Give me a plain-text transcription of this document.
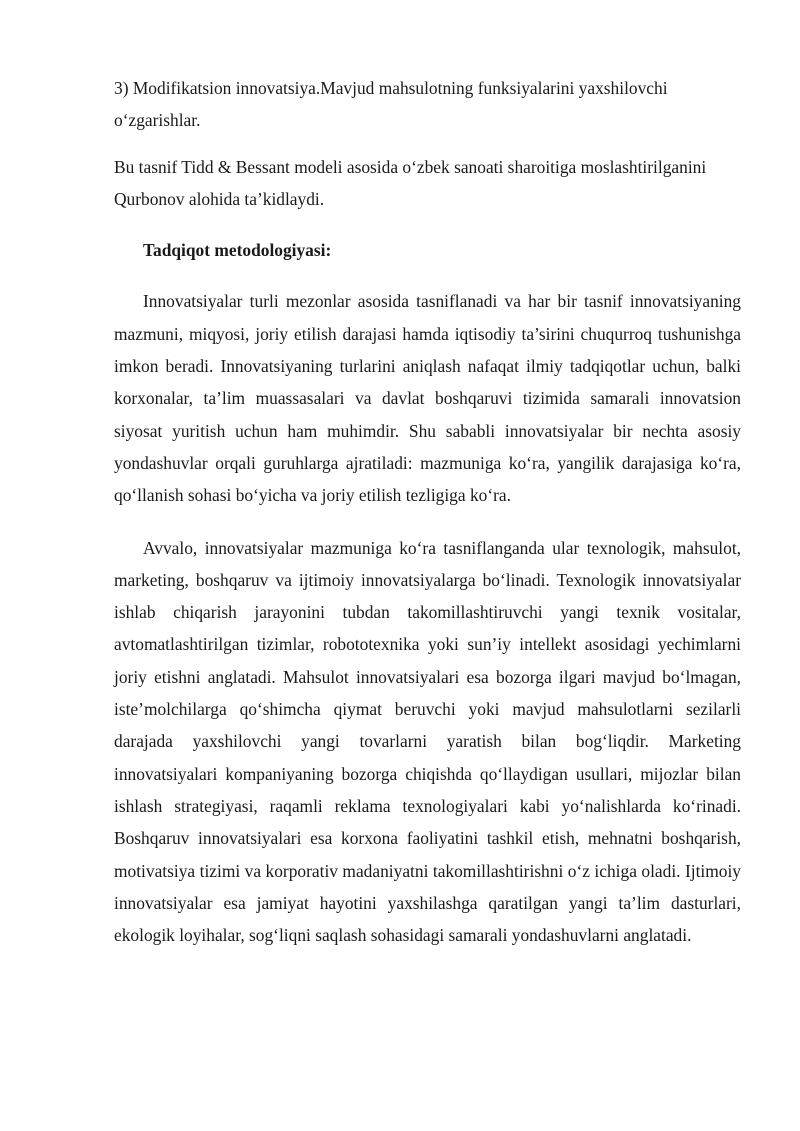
3) Modifikatsion innovatsiya.Mavjud mahsulotning funksiyalarini yaxshilovchi o‘zgarishlar.

Bu tasnif Tidd & Bessant modeli asosida o‘zbek sanoati sharoitiga moslashtirilganini Qurbonov alohida ta’kidlaydi.

Tadqiqot metodologiyasi:

Innovatsiyalar turli mezonlar asosida tasniflanadi va har bir tasnif innovatsiyaning mazmuni, miqyosi, joriy etilish darajasi hamda iqtisodiy ta’sirini chuqurroq tushunishga imkon beradi. Innovatsiyaning turlarini aniqlash nafaqat ilmiy tadqiqotlar uchun, balki korxonalar, ta’lim muassasalari va davlat boshqaruvi tizimida samarali innovatsion siyosat yuritish uchun ham muhimdir. Shu sababli innovatsiyalar bir nechta asosiy yondashuvlar orqali guruhlarga ajratiladi: mazmuniga ko‘ra, yangilik darajasiga ko‘ra, qo‘llanish sohasi bo‘yicha va joriy etilish tezligiga ko‘ra.

Avvalo, innovatsiyalar mazmuniga ko‘ra tasniflanganda ular texnologik, mahsulot, marketing, boshqaruv va ijtimoiy innovatsiyalarga bo‘linadi. Texnologik innovatsiyalar ishlab chiqarish jarayonini tubdan takomillashtiruvchi yangi texnik vositalar, avtomatlashtirilgan tizimlar, robototexnika yoki sun’iy intellekt asosidagi yechimlarni joriy etishni anglatadi. Mahsulot innovatsiyalari esa bozorga ilgari mavjud bo‘lmagan, iste’molchilarga qo‘shimcha qiymat beruvchi yoki mavjud mahsulotlarni sezilarli darajada yaxshilovchi yangi tovarlarni yaratish bilan bog‘liqdir. Marketing innovatsiyalari kompaniyaning bozorga chiqishda qo‘llaydigan usullari, mijozlar bilan ishlash strategiyasi, raqamli reklama texnologiyalari kabi yo‘nalishlarda ko‘rinadi. Boshqaruv innovatsiyalari esa korxona faoliyatini tashkil etish, mehnatni boshqarish, motivatsiya tizimi va korporativ madaniyatni takomillashtirishni o‘z ichiga oladi. Ijtimoiy innovatsiyalar esa jamiyat hayotini yaxshilashga qaratilgan yangi ta’lim dasturlari, ekologik loyihalar, sog‘liqni saqlash sohasidagi samarali yondashuvlarni anglatadi.
